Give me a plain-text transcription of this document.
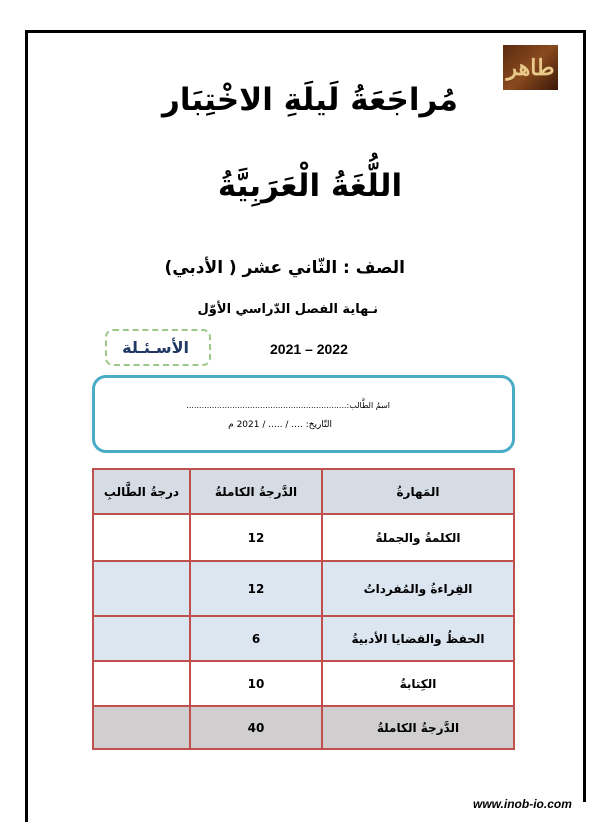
طاهر
مُراجَعَةُ لَيلَةِ الاخْتِبَار
اللُّغَةُ الْعَرَبِيَّةُ
الصف : الثّاني عشر ( الأدبي)
نـهاية الفصل الدّراسي الأوّل
2021 – 2022
الأسـئـلة
اسمُ الطَّالب:...............................................................
التّاريخ: .... / ..... / 2021 م
المَهارةُ	الدَّرجةُ الكاملةُ	درجةُ الطَّالبِ
الكلمةُ والجملةُ	12	
القِراءةُ والمُفرداتُ	12	
الحفظُ والقضايا الأدبيةُ	6	
الكِتابةُ	10	
الدَّرجةُ الكاملةُ	40	
www.inob-io.com
